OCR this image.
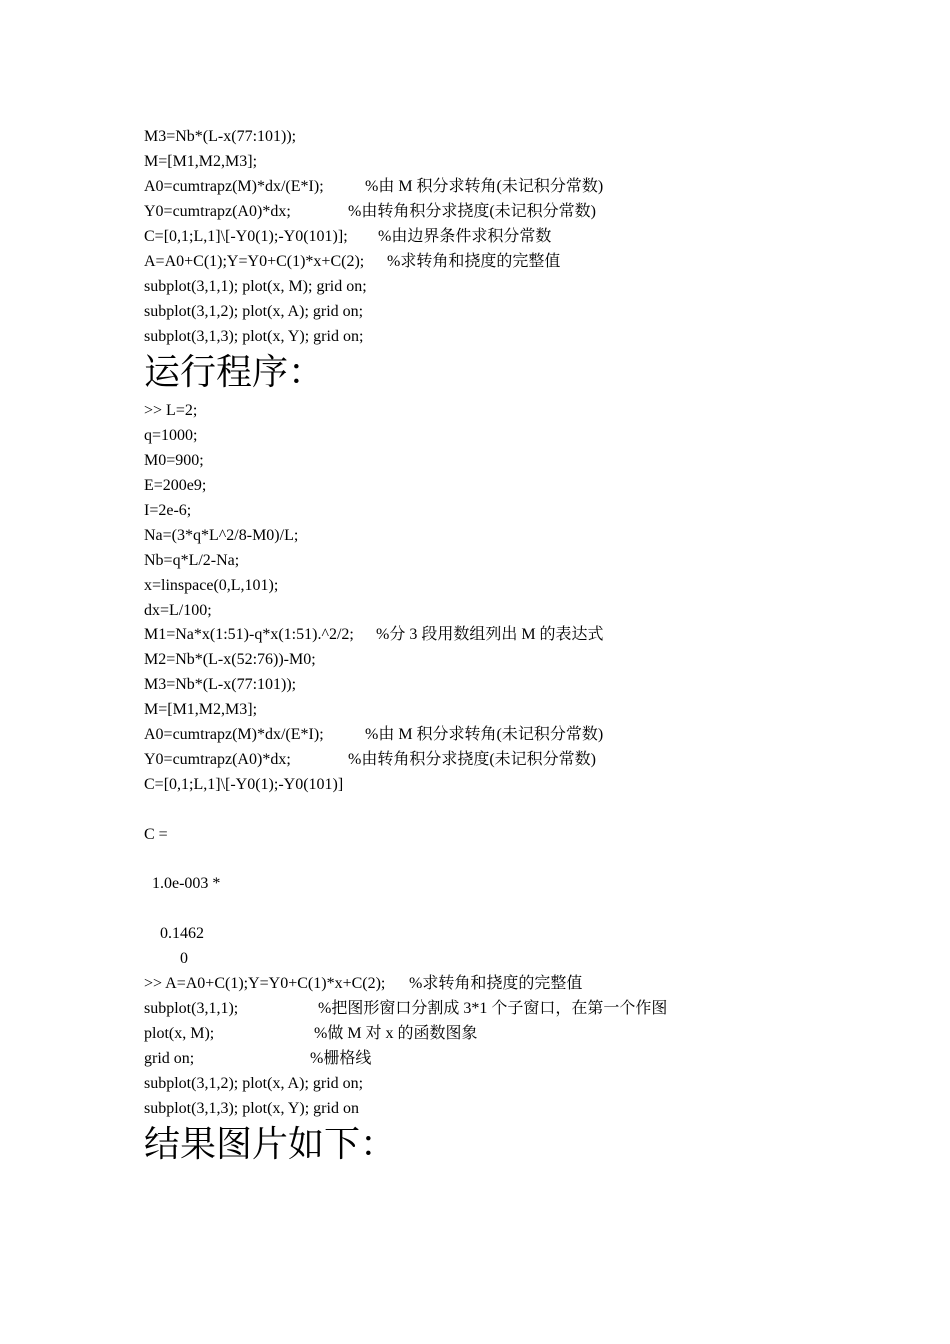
M3=Nb*(L-x(77:101));
M=[M1,M2,M3];
A0=cumtrapz(M)*dx/(E*I);	%由 M 积分求转角(未记积分常数)
Y0=cumtrapz(A0)*dx;	%由转角积分求挠度(未记积分常数)
C=[0,1;L,1]\[-Y0(1);-Y0(101)]; %由边界条件求积分常数
A=A0+C(1);Y=Y0+C(1)*x+C(2); %求转角和挠度的完整值
subplot(3,1,1); plot(x, M); grid on;
subplot(3,1,2); plot(x, A); grid on;
subplot(3,1,3); plot(x, Y); grid on;
运行程序：
>> L=2;
q=1000;
M0=900;
E=200e9;
I=2e-6;
Na=(3*q*L^2/8-M0)/L;
Nb=q*L/2-Na;
x=linspace(0,L,101);
dx=L/100;
M1=Na*x(1:51)-q*x(1:51).^2/2; %分 3 段用数组列出 M 的表达式
M2=Nb*(L-x(52:76))-M0;
M3=Nb*(L-x(77:101));
M=[M1,M2,M3];
A0=cumtrapz(M)*dx/(E*I);	%由 M 积分求转角(未记积分常数)
Y0=cumtrapz(A0)*dx;	%由转角积分求挠度(未记积分常数)
C=[0,1;L,1]\[-Y0(1);-Y0(101)]
C =
1.0e-003 *
0.1462
0
>> A=A0+C(1);Y=Y0+C(1)*x+C(2); %求转角和挠度的完整值
subplot(3,1,1);	%把图形窗口分割成 3*1 个子窗口，在第一个作图
plot(x, M);	%做 M 对 x 的函数图象
grid on;	%栅格线
subplot(3,1,2); plot(x, A); grid on;
subplot(3,1,3); plot(x, Y); grid on
结果图片如下：
